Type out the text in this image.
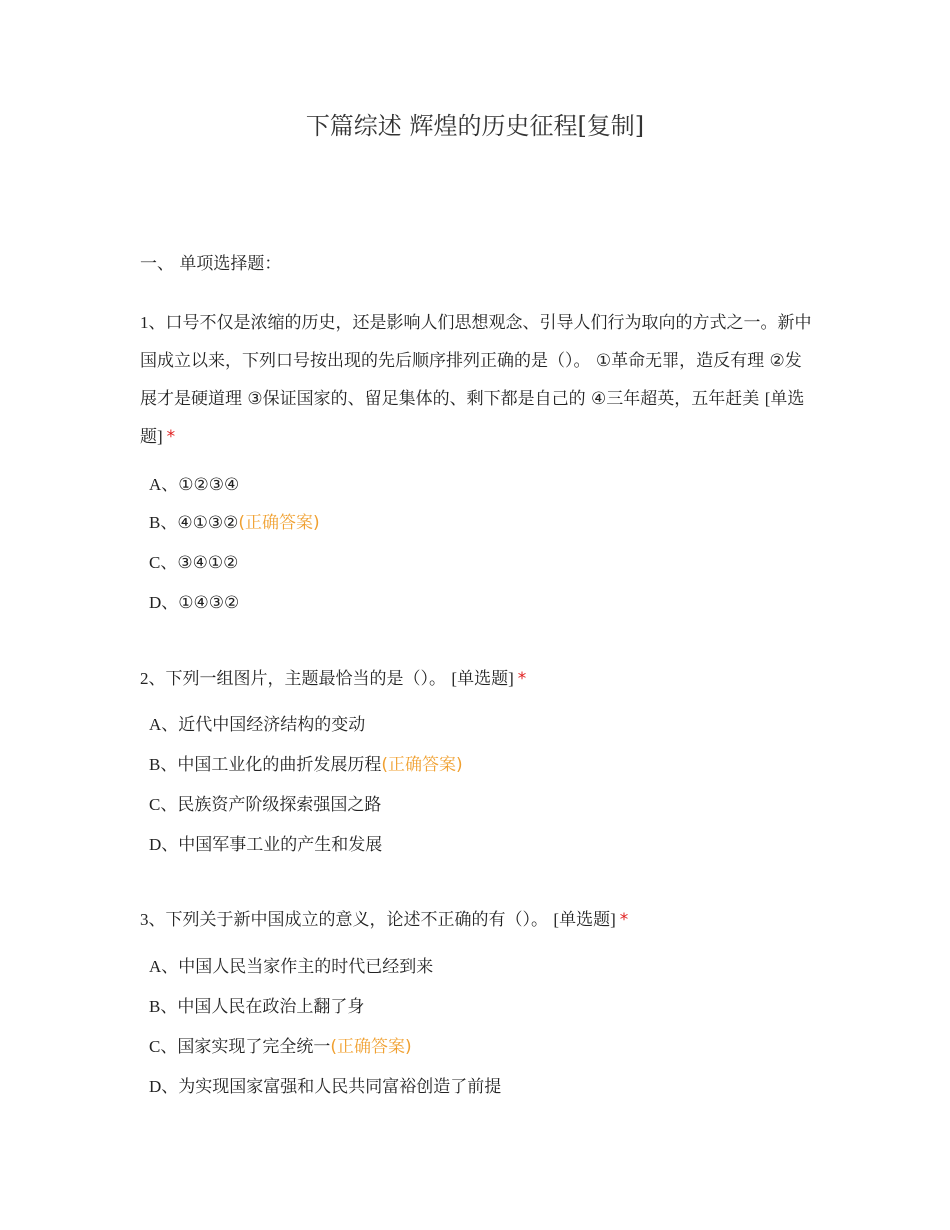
下篇综述 辉煌的历史征程[复制]
一、 单项选择题：
1、口号不仅是浓缩的历史，还是影响人们思想观念、引导人们行为取向的方式之一。新中国成立以来，下列口号按出现的先后顺序排列正确的是（）。 ①革命无罪，造反有理 ②发展才是硬道理 ③保证国家的、留足集体的、剩下都是自己的 ④三年超英，五年赶美 [单选题] *
A、①②③④
B、④①③②(正确答案)
C、③④①②
D、①④③②
2、下列一组图片，主题最恰当的是（）。 [单选题] *
A、近代中国经济结构的变动
B、中国工业化的曲折发展历程(正确答案)
C、民族资产阶级探索强国之路
D、中国军事工业的产生和发展
3、下列关于新中国成立的意义，论述不正确的有（）。 [单选题] *
A、中国人民当家作主的时代已经到来
B、中国人民在政治上翻了身
C、国家实现了完全统一(正确答案)
D、为实现国家富强和人民共同富裕创造了前提
